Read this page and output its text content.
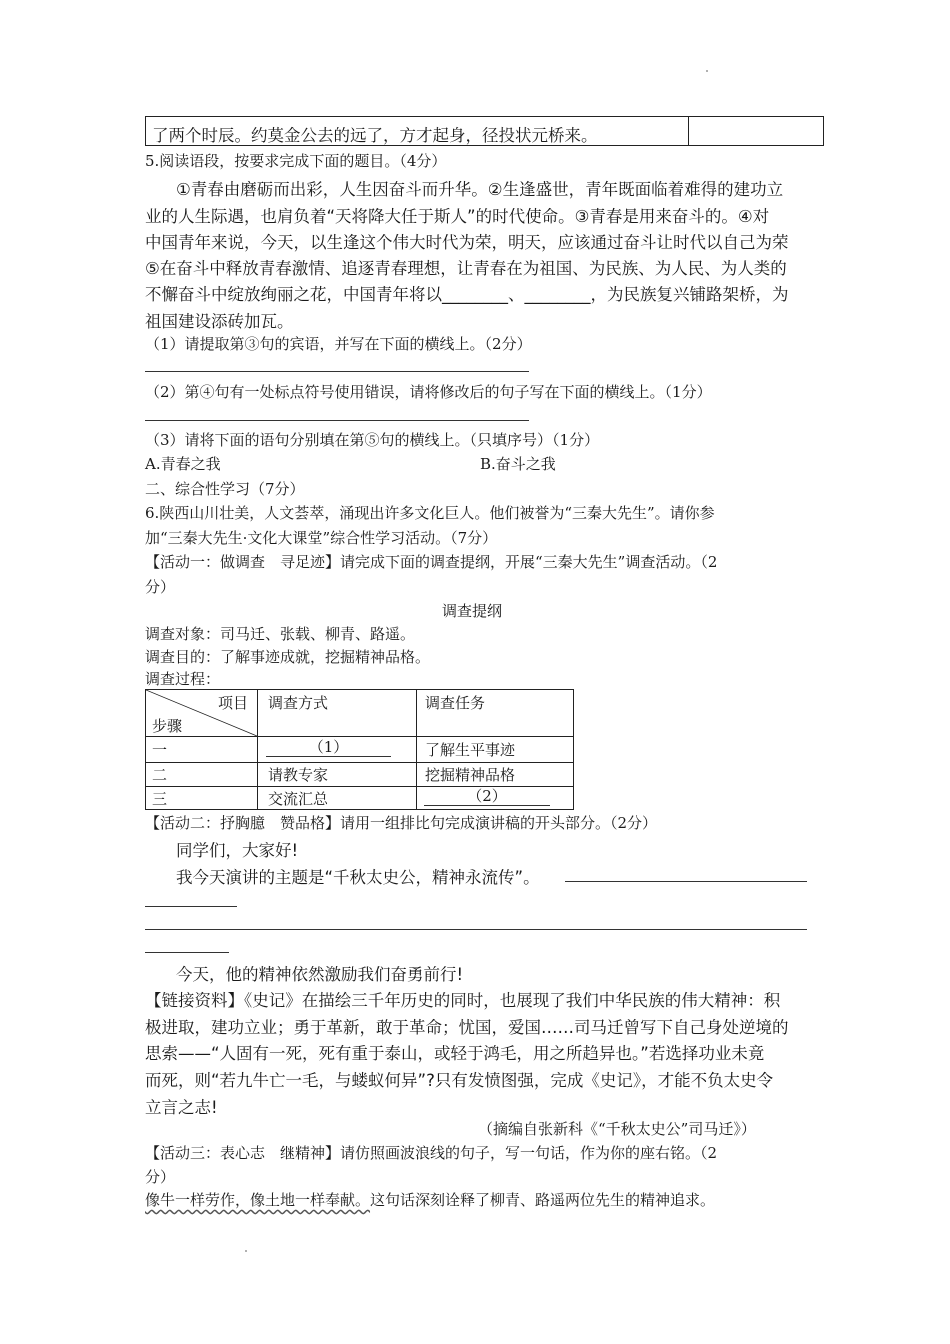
了两个时辰。约莫金公去的远了，方才起身，径投状元桥来。
5.阅读语段，按要求完成下面的题目。（4分）
①青春由磨砺而出彩，人生因奋斗而升华。②生逢盛世，青年既面临着难得的建功立
业的人生际遇，也肩负着“天将降大任于斯人”的时代使命。③青春是用来奋斗的。④对
中国青年来说，今天，以生逢这个伟大时代为荣，明天，应该通过奋斗让时代以自己为荣
⑤在奋斗中释放青春激情、追逐青春理想，让青春在为祖国、为民族、为人民、为人类的
不懈奋斗中绽放绚丽之花，中国青年将以________、________，为民族复兴铺路架桥，为
祖国建设添砖加瓦。
（1）请提取第③句的宾语，并写在下面的横线上。（2分）
（2）第④句有一处标点符号使用错误，请将修改后的句子写在下面的横线上。（1分）
（3）请将下面的语句分别填在第⑤句的横线上。（只填序号）（1分）
A.青春之我	B.奋斗之我
二、综合性学习（7分）
6.陕西山川壮美，人文荟萃，涌现出许多文化巨人。他们被誉为“三秦大先生”。请你参
加“三秦大先生·文化大课堂”综合性学习活动。（7分）
【活动一：做调查　寻足迹】请完成下面的调查提纲，开展“三秦大先生”调查活动。（2
分）
调查提纲
调查对象：司马迁、张载、柳青、路遥。
调查目的：了解事迹成就，挖掘精神品格。
调查过程：
项目
步骤
调查方式	调查任务
一	（1）	了解生平事迹
二	请教专家	挖掘精神品格
三	交流汇总	（2）
【活动二：抒胸臆　赞品格】请用一组排比句完成演讲稿的开头部分。（2分）
同学们，大家好!
我今天演讲的主题是“千秋太史公，精神永流传”。
今天，他的精神依然激励我们奋勇前行!
【链接资料】《史记》在描绘三千年历史的同时，也展现了我们中华民族的伟大精神：积
极进取，建功立业；勇于革新，敢于革命；忧国，爱国……司马迁曾写下自己身处逆境的
思索——“人固有一死，死有重于泰山，或轻于鸿毛，用之所趋异也。”若选择功业未竟
而死，则“若九牛亡一毛，与蝼蚁何异”?只有发愤图强，完成《史记》，才能不负太史令
立言之志!
（摘编自张新科《“千秋太史公”司马迁》）
【活动三：表心志　继精神】请仿照画波浪线的句子，写一句话，作为你的座右铭。（2
分）
像牛一样劳作，像土地一样奉献。这句话深刻诠释了柳青、路遥两位先生的精神追求。
